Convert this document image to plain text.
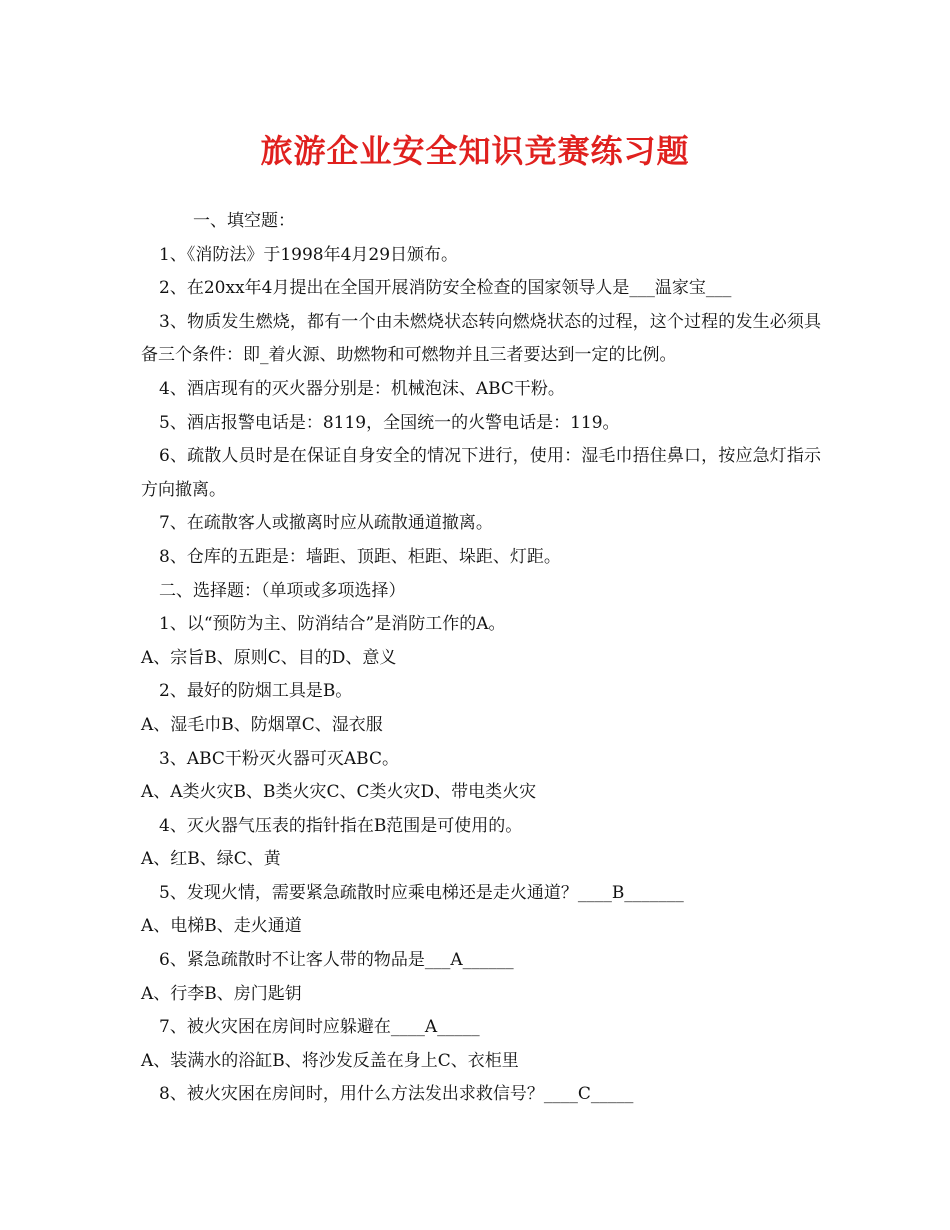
旅游企业安全知识竞赛练习题

一、填空题：

1、《消防法》于1998年4月29日颁布。

2、在20xx年4月提出在全国开展消防安全检查的国家领导人是___温家宝___

3、物质发生燃烧，都有一个由未燃烧状态转向燃烧状态的过程，这个过程的发生必须具备三个条件：即_着火源、助燃物和可燃物并且三者要达到一定的比例。

4、酒店现有的灭火器分别是：机械泡沫、ABC干粉。

5、酒店报警电话是：8119，全国统一的火警电话是：119。

6、疏散人员时是在保证自身安全的情况下进行，使用：湿毛巾捂住鼻口，按应急灯指示方向撤离。

7、在疏散客人或撤离时应从疏散通道撤离。

8、仓库的五距是：墙距、顶距、柜距、垛距、灯距。

二、选择题：（单项或多项选择）

1、以“预防为主、防消结合”是消防工作的A。

A、宗旨B、原则C、目的D、意义

2、最好的防烟工具是B。

A、湿毛巾B、防烟罩C、湿衣服

3、ABC干粉灭火器可灭ABC。

A、A类火灾B、B类火灾C、C类火灾D、带电类火灾

4、灭火器气压表的指针指在B范围是可使用的。

A、红B、绿C、黄

5、发现火情，需要紧急疏散时应乘电梯还是走火通道？____B_______

A、电梯B、走火通道

6、紧急疏散时不让客人带的物品是___A______

A、行李B、房门匙钥

7、被火灾困在房间时应躲避在____A_____

A、装满水的浴缸B、将沙发反盖在身上C、衣柜里

8、被火灾困在房间时，用什么方法发出求救信号？____C_____
